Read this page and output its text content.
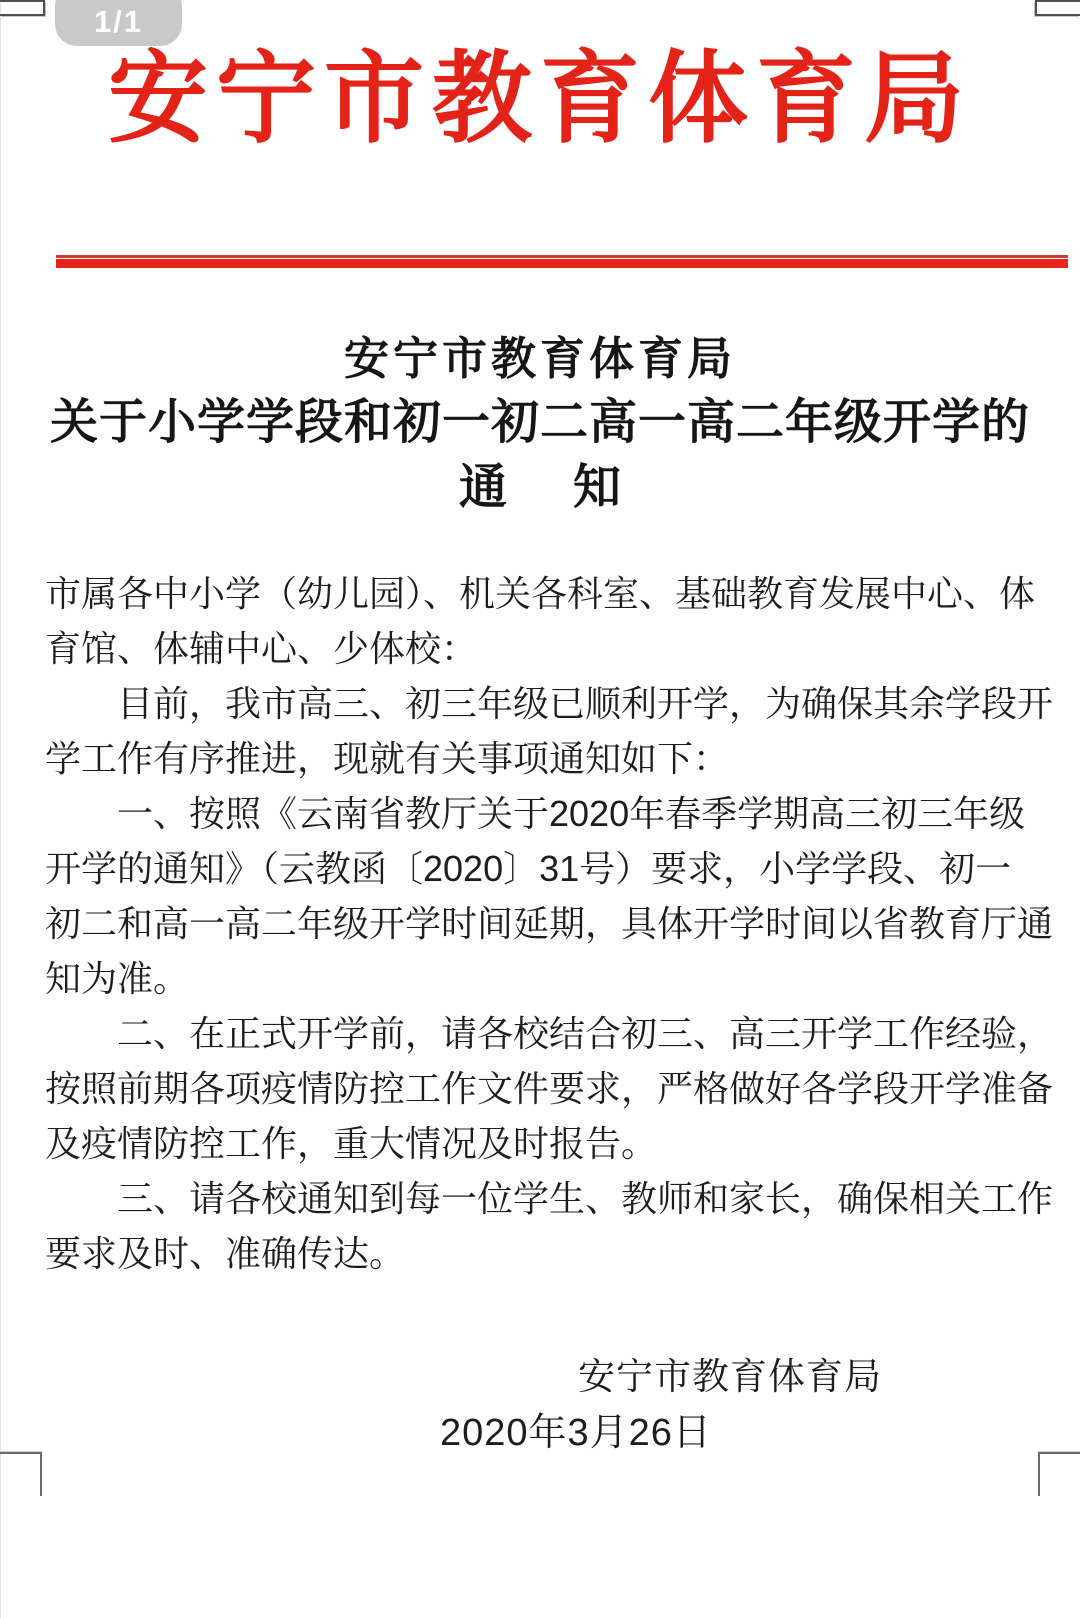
1/1
安宁市教育体育局
安宁市教育体育局
关于小学学段和初一初二高一高二年级开学的
通 知
市属各中小学（幼儿园）、机关各科室、基础教育发展中心、体
育馆、体辅中心、少体校：
目前，我市高三、初三年级已顺利开学，为确保其余学段开
学工作有序推进，现就有关事项通知如下：
一、按照《云南省教厅关于2020年春季学期高三初三年级
开学的通知》（云教函〔2020〕31号）要求，小学学段、初一
初二和高一高二年级开学时间延期，具体开学时间以省教育厅通
知为准。
二、在正式开学前，请各校结合初三、高三开学工作经验，
按照前期各项疫情防控工作文件要求，严格做好各学段开学准备
及疫情防控工作，重大情况及时报告。
三、请各校通知到每一位学生、教师和家长，确保相关工作
要求及时、准确传达。
安宁市教育体育局
2020年3月26日
